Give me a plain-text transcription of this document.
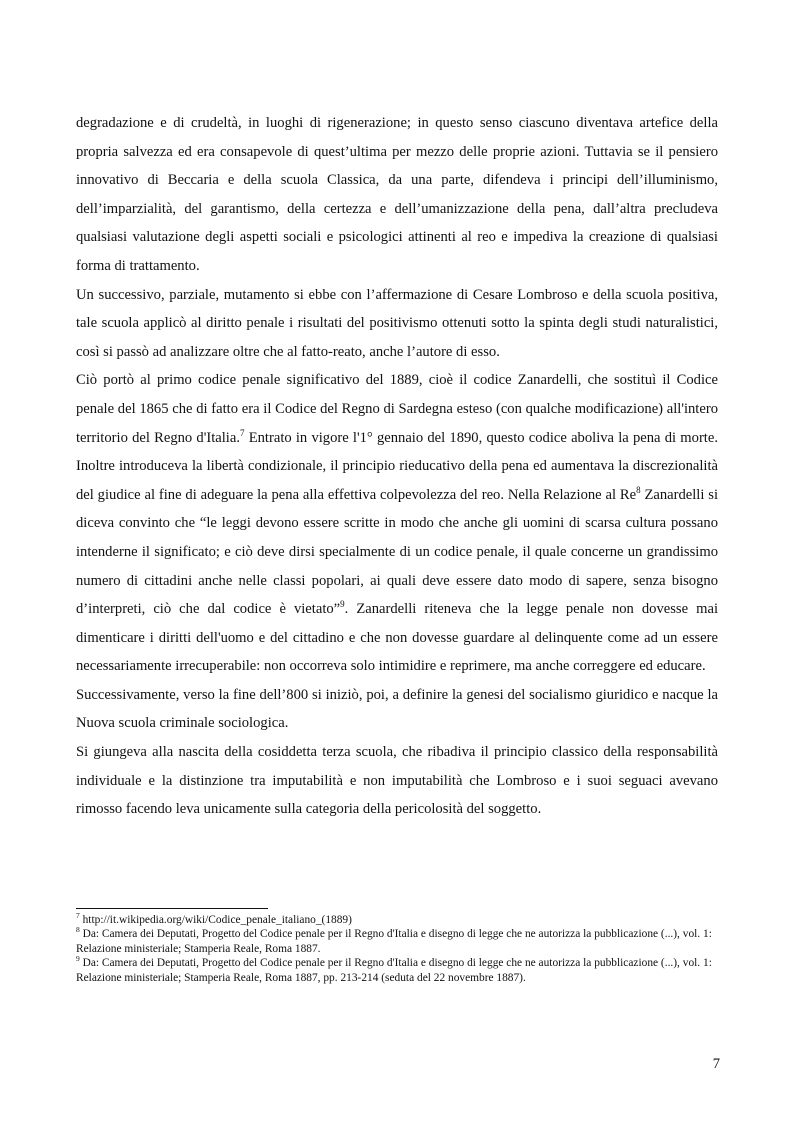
degradazione e di crudeltà, in luoghi di rigenerazione; in questo senso ciascuno diventava artefice della propria salvezza ed era consapevole di quest’ultima per mezzo delle proprie azioni. Tuttavia se il pensiero innovativo di Beccaria e della scuola Classica, da una parte, difendeva i principi dell’illuminismo, dell’imparzialità, del garantismo, della certezza e dell’umanizzazione della pena, dall’altra precludeva qualsiasi valutazione degli aspetti sociali e psicologici attinenti al reo e impediva la creazione di qualsiasi forma di trattamento.

Un successivo, parziale, mutamento si ebbe con l’affermazione di Cesare Lombroso e della scuola positiva, tale scuola applicò al diritto penale i risultati del positivismo ottenuti sotto la spinta degli studi naturalistici, così si passò ad analizzare oltre che al fatto-reato, anche l’autore di esso.

Ciò portò al primo codice penale significativo del 1889, cioè il codice Zanardelli, che sostituì il Codice penale del 1865 che di fatto era il Codice del Regno di Sardegna esteso (con qualche modificazione) all'intero territorio del Regno d'Italia.$^7$ Entrato in vigore l'1° gennaio del 1890, questo codice aboliva la pena di morte. Inoltre introduceva la libertà condizionale, il principio rieducativo della pena ed aumentava la discrezionalità del giudice al fine di adeguare la pena alla effettiva colpevolezza del reo. Nella Relazione al Re$^8$ Zanardelli si diceva convinto che “le leggi devono essere scritte in modo che anche gli uomini di scarsa cultura possano intenderne il significato; e ciò deve dirsi specialmente di un codice penale, il quale concerne un grandissimo numero di cittadini anche nelle classi popolari, ai quali deve essere dato modo di sapere, senza bisogno d’interpreti, ciò che dal codice è vietato”$^9$. Zanardelli riteneva che la legge penale non dovesse mai dimenticare i diritti dell'uomo e del cittadino e che non dovesse guardare al delinquente come ad un essere necessariamente irrecuperabile: non occorreva solo intimidire e reprimere, ma anche correggere ed educare.

Successivamente, verso la fine dell’800 si iniziò, poi, a definire la genesi del socialismo giuridico e nacque la Nuova scuola criminale sociologica.

Si giungeva alla nascita della cosiddetta terza scuola, che ribadiva il principio classico della responsabilità individuale e la distinzione tra imputabilità e non imputabilità che Lombroso e i suoi seguaci avevano rimosso facendo leva unicamente sulla categoria della pericolosità del soggetto.

$^7$ http://it.wikipedia.org/wiki/Codice_penale_italiano_(1889)

$^8$ Da: Camera dei Deputati, Progetto del Codice penale per il Regno d'Italia e disegno di legge che ne autorizza la pubblicazione (...), vol. 1: Relazione ministeriale; Stamperia Reale, Roma 1887.

$^9$ Da: Camera dei Deputati, Progetto del Codice penale per il Regno d'Italia e disegno di legge che ne autorizza la pubblicazione (...), vol. 1: Relazione ministeriale; Stamperia Reale, Roma 1887, pp. 213-214 (seduta del 22 novembre 1887).

7
